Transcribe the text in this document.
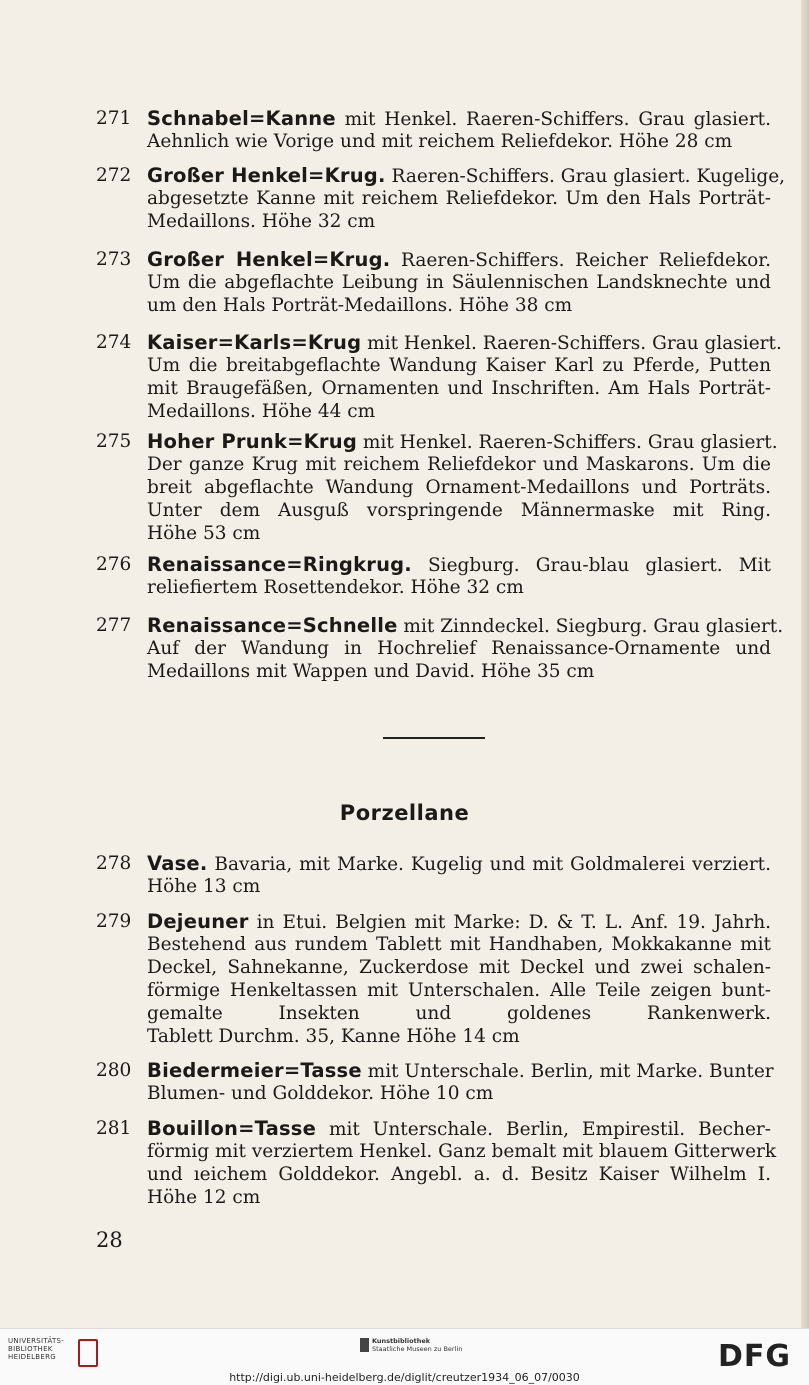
271 Schnabel=Kanne mit Henkel. Raeren-Schiffers. Grau glasiert.
Aehnlich wie Vorige und mit reichem Reliefdekor. Höhe 28 cm
272 Großer Henkel=Krug. Raeren-Schiffers. Grau glasiert. Kugelige,
abgesetzte Kanne mit reichem Reliefdekor. Um den Hals Porträt-
Medaillons. Höhe 32 cm
273 Großer Henkel=Krug. Raeren-Schiffers. Reicher Reliefdekor.
Um die abgeflachte Leibung in Säulennischen Landsknechte und
um den Hals Porträt-Medaillons. Höhe 38 cm
274 Kaiser=Karls=Krug mit Henkel. Raeren-Schiffers. Grau glasiert.
Um die breitabgeflachte Wandung Kaiser Karl zu Pferde, Putten
mit Braugefäßen, Ornamenten und Inschriften. Am Hals Porträt-
Medaillons. Höhe 44 cm
275 Hoher Prunk=Krug mit Henkel. Raeren-Schiffers. Grau glasiert.
Der ganze Krug mit reichem Reliefdekor und Maskarons. Um die
breit abgeflachte Wandung Ornament-Medaillons und Porträts.
Unter dem Ausguß vorspringende Männermaske mit Ring.
Höhe 53 cm
276 Renaissance=Ringkrug. Siegburg. Grau-blau glasiert. Mit
reliefiertem Rosettendekor. Höhe 32 cm
277 Renaissance=Schnelle mit Zinndeckel. Siegburg. Grau glasiert.
Auf der Wandung in Hochrelief Renaissance-Ornamente und
Medaillons mit Wappen und David. Höhe 35 cm
278 Vase. Bavaria, mit Marke. Kugelig und mit Goldmalerei verziert.
Höhe 13 cm
279 Dejeuner in Etui. Belgien mit Marke: D. & T. L. Anf. 19. Jahrh.
Bestehend aus rundem Tablett mit Handhaben, Mokkakanne mit
Deckel, Sahnekanne, Zuckerdose mit Deckel und zwei schalen-
förmige Henkeltassen mit Unterschalen. Alle Teile zeigen bunt-
gemalte Insekten und goldenes Rankenwerk.
Tablett Durchm. 35, Kanne Höhe 14 cm
280 Biedermeier=Tasse mit Unterschale. Berlin, mit Marke. Bunter
Blumen- und Golddekor. Höhe 10 cm
281 Bouillon=Tasse mit Unterschale. Berlin, Empirestil. Becher-
förmig mit verziertem Henkel. Ganz bemalt mit blauem Gitterwerk
und ıeichem Golddekor. Angebl. a. d. Besitz Kaiser Wilhelm I.
Höhe 12 cm
Porzellane
28
UNIVERSITÄTS-
BIBLIOTHEK
HEIDELBERG
Kunstbibliothek
Staatliche Museen zu Berlin	DFG
http://digi.ub.uni-heidelberg.de/diglit/creutzer1934_06_07/0030
